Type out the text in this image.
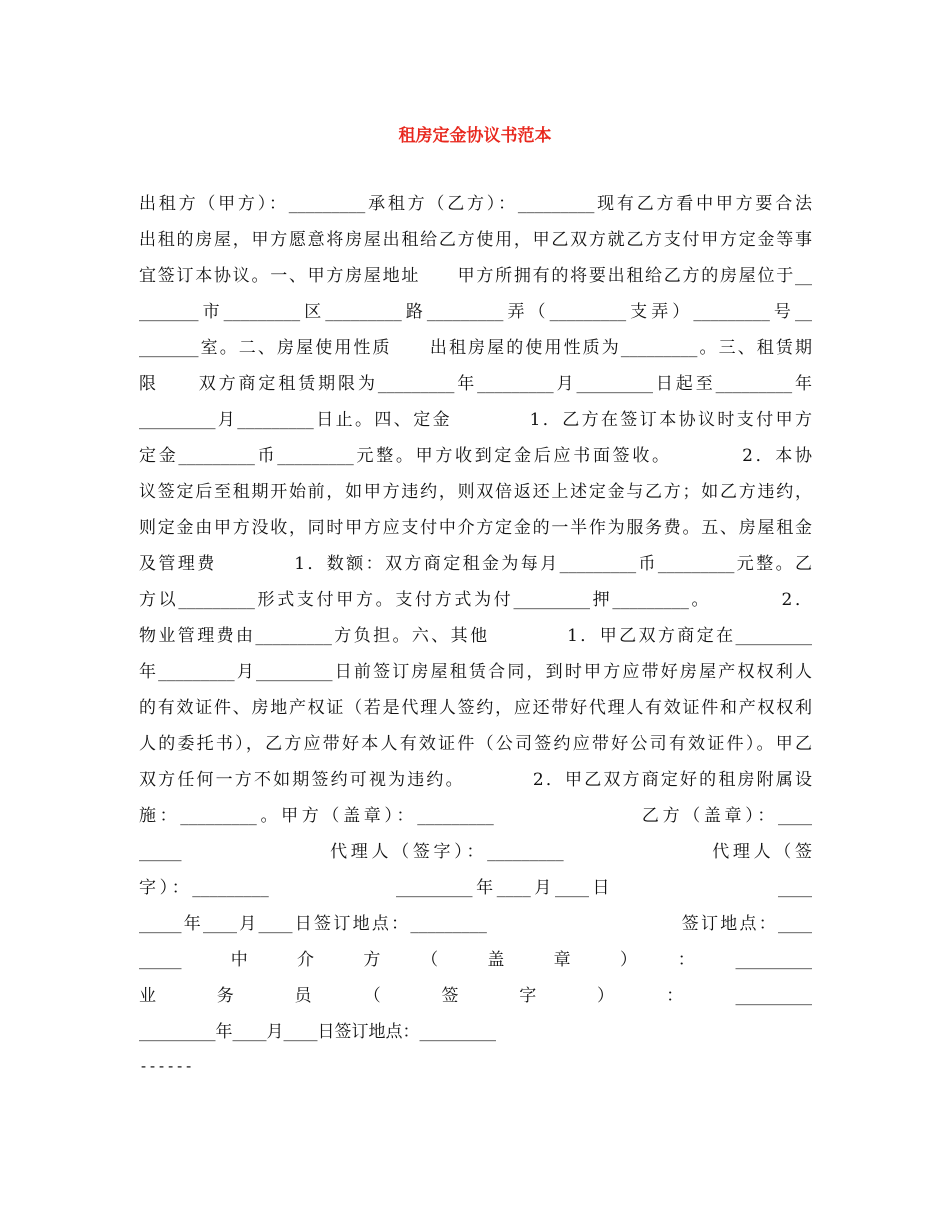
租房定金协议书范本
出租方（甲方）：_________承租方（乙方）：_________现有乙方看中甲方要合法
出租的房屋，甲方愿意将房屋出租给乙方使用，甲乙双方就乙方支付甲方定金等事
宜签订本协议。一、甲方房屋地址　　甲方所拥有的将要出租给乙方的房屋位于__
_______市_________区_________路_________弄（_________支弄）_________号__
_______室。二、房屋使用性质　　出租房屋的使用性质为_________。三、租赁期
限　　双方商定租赁期限为_________年_________月_________日起至_________年
_________月_________日止。四、定金　　　　1．乙方在签订本协议时支付甲方
定金_________币_________元整。甲方收到定金后应书面签收。　　　　2．本协
议签定后至租期开始前，如甲方违约，则双倍返还上述定金与乙方；如乙方违约，
则定金由甲方没收，同时甲方应支付中介方定金的一半作为服务费。五、房屋租金
及管理费　　　　1．数额：双方商定租金为每月_________币_________元整。乙
方以_________形式支付甲方。支付方式为付_________押_________。　　　　2．
物业管理费由_________方负担。六、其他　　　　1．甲乙双方商定在_________
年_________月_________日前签订房屋租赁合同，到时甲方应带好房屋产权权利人
的有效证件、房地产权证（若是代理人签约，应还带好代理人有效证件和产权权利
人的委托书），乙方应带好本人有效证件（公司签约应带好公司有效证件）。甲乙
双方任何一方不如期签约可视为违约。　　　　2．甲乙双方商定好的租房附属设
施：_________。甲方（盖章）：_________　　　　　　　乙方（盖章）：____
_____　　　　　　　代理人（签字）：_________　　　　　　　代理人（签
字）：_________　　　　　　_________年____月____日　　　　　　　　____
_____年____月____日签订地点：_________　　　　　　　　　　签订地点：____
_____　　中　　介　　方　　（　　盖　　章　　）　　：　　_________
业　　务　　员　　（　　签　　字　　）　　：　　_________
_________年____月____日签订地点：_________
------
